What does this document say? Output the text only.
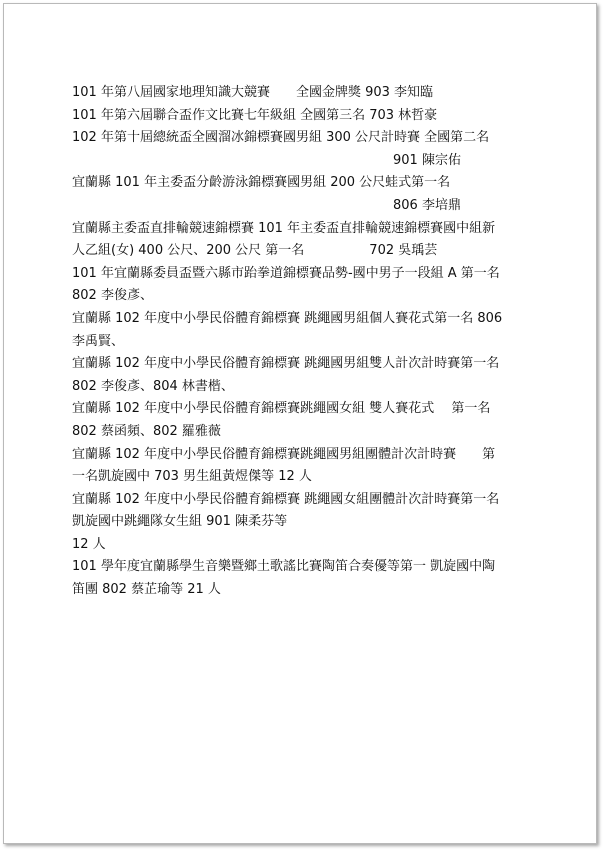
101 年第八屆國家地理知識大競賽　　全國金牌獎 903 李知臨
101 年第六屆聯合盃作文比賽七年級組 全國第三名 703 林哲豪
102 年第十屆總統盃全國溜冰錦標賽國男組 300 公尺計時賽 全國第二名
901 陳宗佑
宜蘭縣 101 年主委盃分齡游泳錦標賽國男組 200 公尺蛙式第一名
806 李培鼎
宜蘭縣主委盃直排輪競速錦標賽 101 年主委盃直排輪競速錦標賽國中組新
人乙組(女) 400 公尺、200 公尺 第一名　　　　　702 吳瑀芸
101 年宜蘭縣委員盃暨六縣市跆拳道錦標賽品勢-國中男子一段組 A 第一名
802 李俊彥、
宜蘭縣 102 年度中小學民俗體育錦標賽 跳繩國男組個人賽花式第一名 806
李禹賢、
宜蘭縣 102 年度中小學民俗體育錦標賽 跳繩國男組雙人計次計時賽第一名
802 李俊彥、804 林書楷、
宜蘭縣 102 年度中小學民俗體育錦標賽跳繩國女組 雙人賽花式　 第一名
802 蔡函頻、802 羅雅薇
宜蘭縣 102 年度中小學民俗體育錦標賽跳繩國男組團體計次計時賽　　第
一名凱旋國中 703 男生組黃煜傑等 12 人
宜蘭縣 102 年度中小學民俗體育錦標賽 跳繩國女組團體計次計時賽第一名
凱旋國中跳繩隊女生組 901 陳柔芬等
12 人
101 學年度宜蘭縣學生音樂暨鄉土歌謠比賽陶笛合奏優等第一 凱旋國中陶
笛團 802 蔡芷瑜等 21 人
